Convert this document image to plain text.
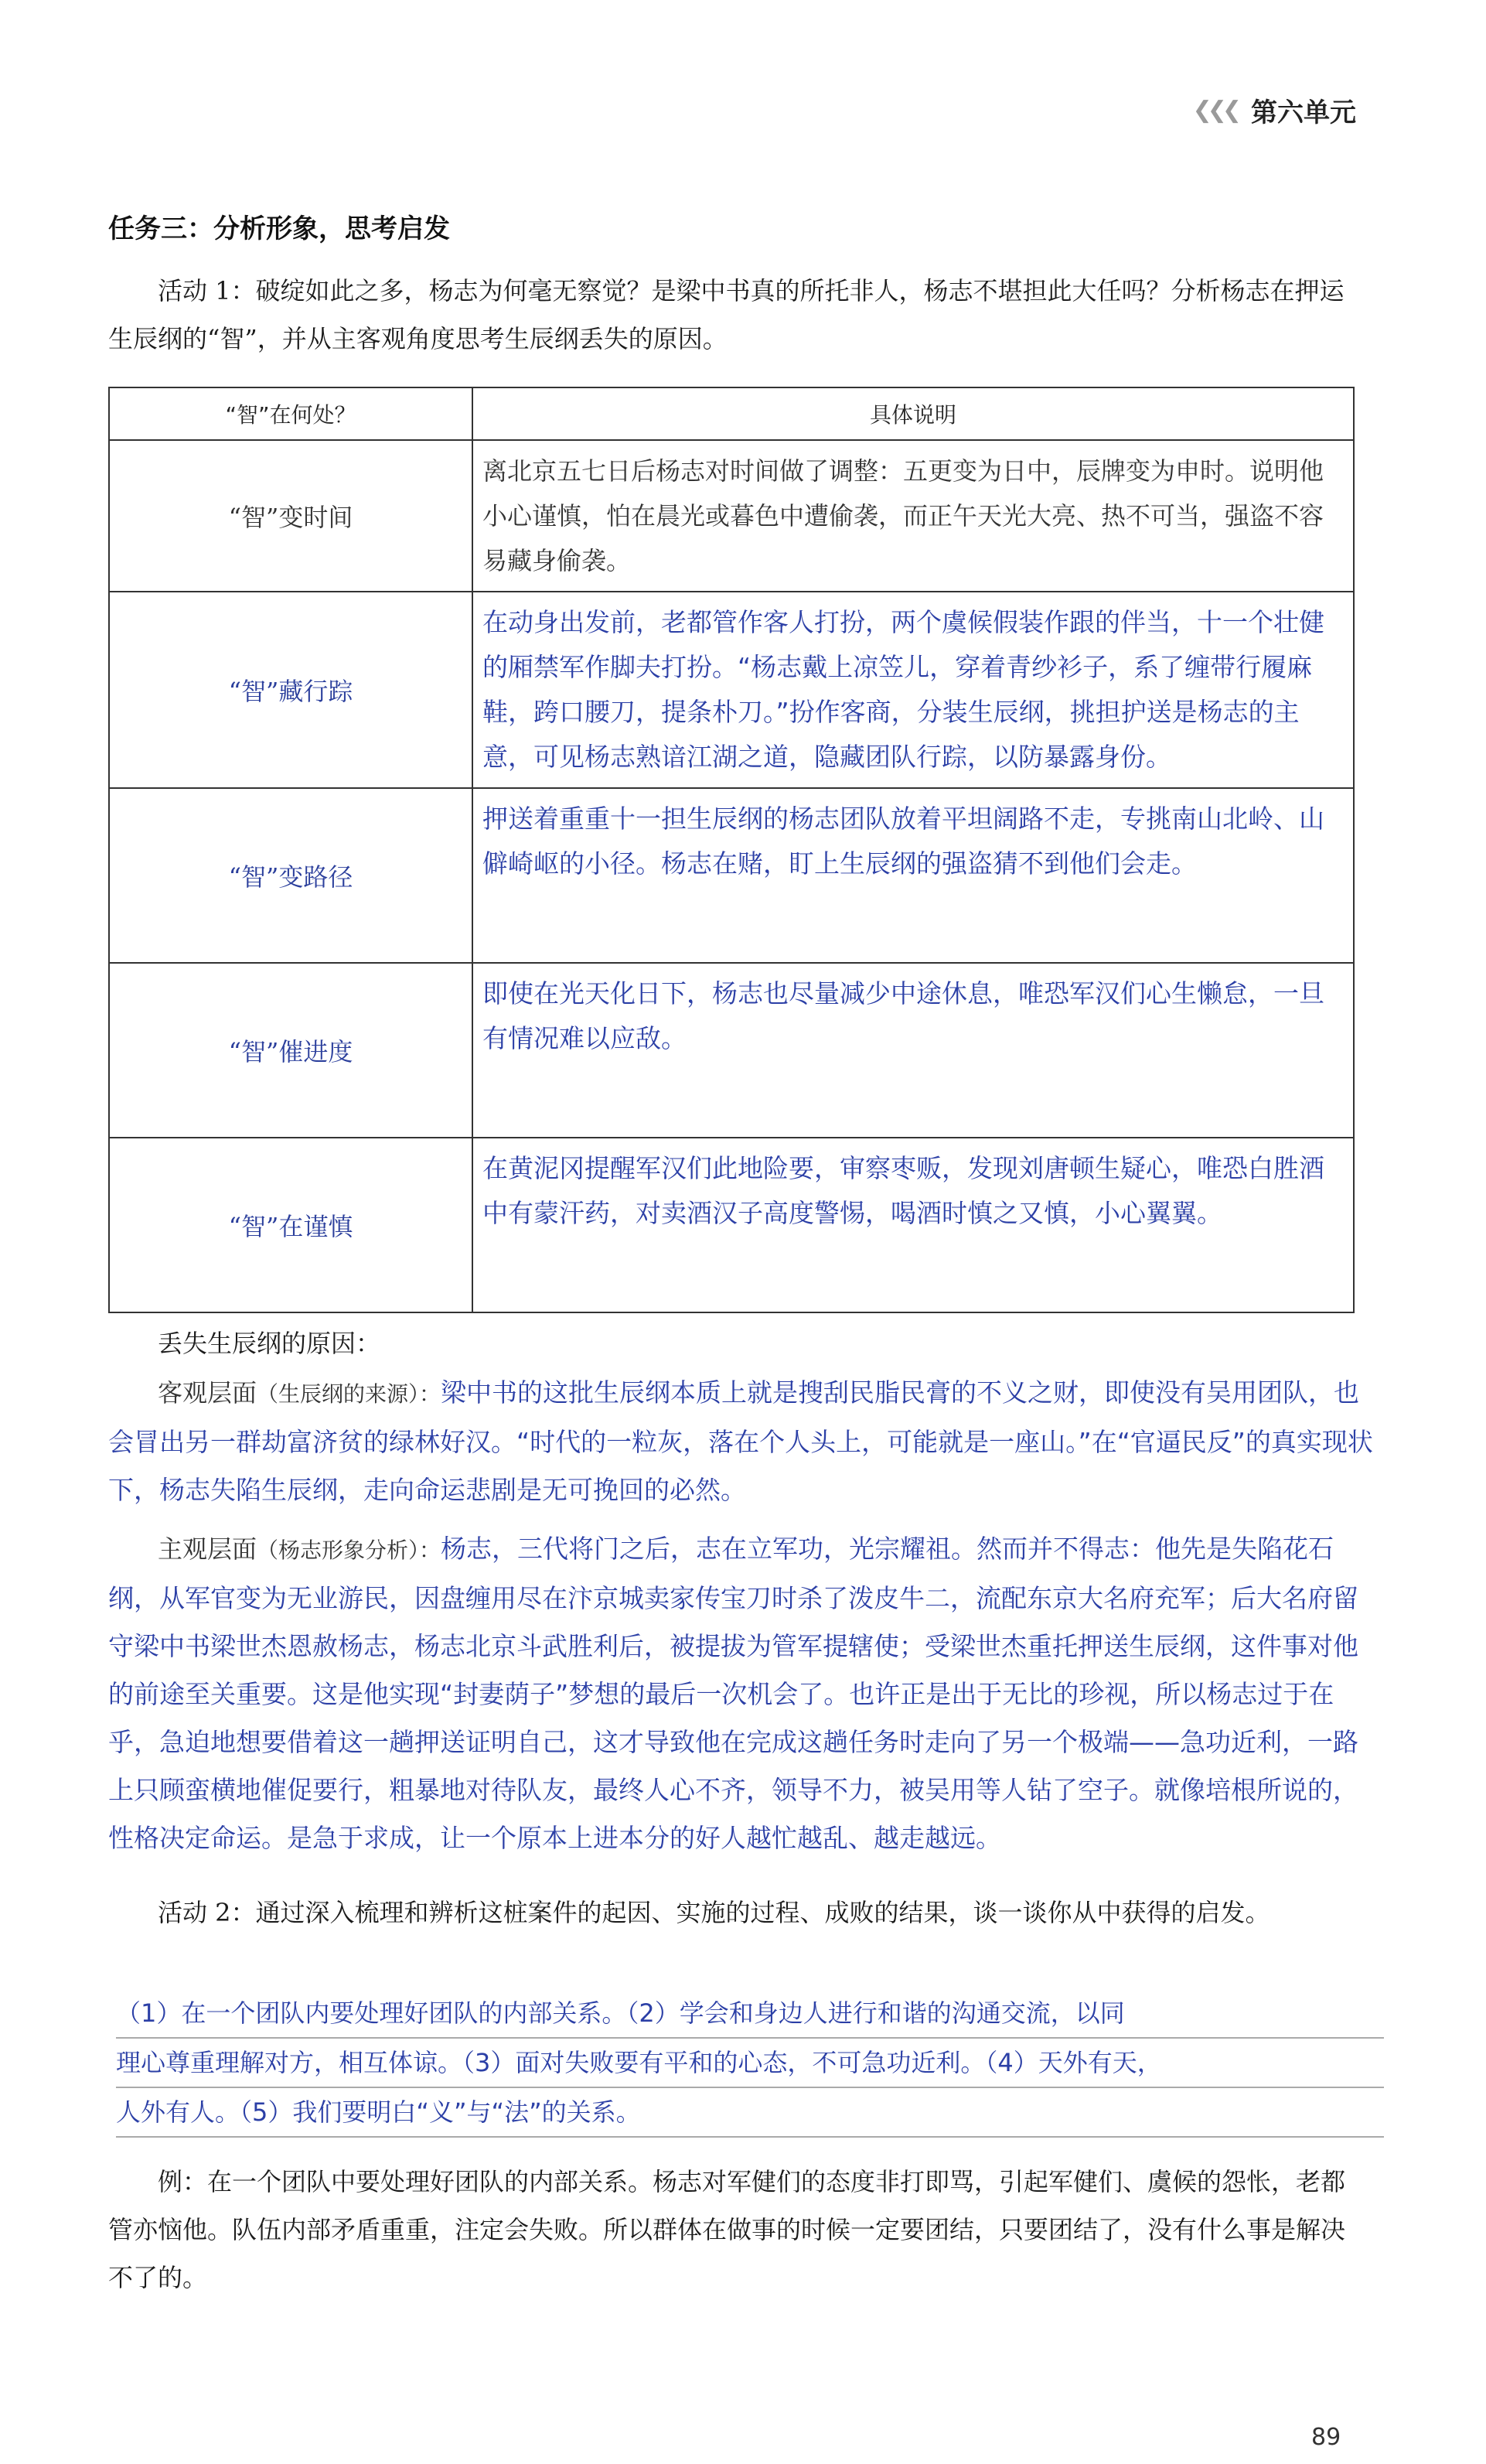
❮❮❮ 第六单元
任务三：分析形象，思考启发
活动 1：破绽如此之多，杨志为何毫无察觉？是梁中书真的所托非人，杨志不堪担此大任吗？分析杨志在押运生辰纲的“智”，并从主客观角度思考生辰纲丢失的原因。
“智”在何处？	具体说明
“智”变时间	离北京五七日后杨志对时间做了调整：五更变为日中，辰牌变为申时。说明他小心谨慎，怕在晨光或暮色中遭偷袭，而正午天光大亮、热不可当，强盗不容易藏身偷袭。
“智”藏行踪	在动身出发前，老都管作客人打扮，两个虞候假装作跟的伴当，十一个壮健的厢禁军作脚夫打扮。“杨志戴上凉笠儿，穿着青纱衫子，系了缠带行履麻鞋，跨口腰刀，提条朴刀。”扮作客商，分装生辰纲，挑担护送是杨志的主意，可见杨志熟谙江湖之道，隐藏团队行踪，以防暴露身份。
“智”变路径	押送着重重十一担生辰纲的杨志团队放着平坦阔路不走，专挑南山北岭、山僻崎岖的小径。杨志在赌，盯上生辰纲的强盗猜不到他们会走。
“智”催进度	即使在光天化日下，杨志也尽量减少中途休息，唯恐军汉们心生懒怠，一旦有情况难以应敌。
“智”在谨慎	在黄泥冈提醒军汉们此地险要，审察枣贩，发现刘唐顿生疑心，唯恐白胜酒中有蒙汗药，对卖酒汉子高度警惕，喝酒时慎之又慎，小心翼翼。
丢失生辰纲的原因：
客观层面（生辰纲的来源）：梁中书的这批生辰纲本质上就是搜刮民脂民膏的不义之财，即使没有吴用团队，也会冒出另一群劫富济贫的绿林好汉。“时代的一粒灰，落在个人头上，可能就是一座山。”在“官逼民反”的真实现状下，杨志失陷生辰纲，走向命运悲剧是无可挽回的必然。
主观层面（杨志形象分析）：杨志，三代将门之后，志在立军功，光宗耀祖。然而并不得志：他先是失陷花石纲，从军官变为无业游民，因盘缠用尽在汴京城卖家传宝刀时杀了泼皮牛二，流配东京大名府充军；后大名府留守梁中书梁世杰恩赦杨志，杨志北京斗武胜利后，被提拔为管军提辖使；受梁世杰重托押送生辰纲，这件事对他的前途至关重要。这是他实现“封妻荫子”梦想的最后一次机会了。也许正是出于无比的珍视，所以杨志过于在乎，急迫地想要借着这一趟押送证明自己，这才导致他在完成这趟任务时走向了另一个极端——急功近利，一路上只顾蛮横地催促要行，粗暴地对待队友，最终人心不齐，领导不力，被吴用等人钻了空子。就像培根所说的，性格决定命运。是急于求成，让一个原本上进本分的好人越忙越乱、越走越远。
活动 2：通过深入梳理和辨析这桩案件的起因、实施的过程、成败的结果，谈一谈你从中获得的启发。
（1）在一个团队内要处理好团队的内部关系。（2）学会和身边人进行和谐的沟通交流，以同
理心尊重理解对方，相互体谅。（3）面对失败要有平和的心态，不可急功近利。（4）天外有天，
人外有人。（5）我们要明白“义”与“法”的关系。
例：在一个团队中要处理好团队的内部关系。杨志对军健们的态度非打即骂，引起军健们、虞候的怨怅，老都管亦恼他。队伍内部矛盾重重，注定会失败。所以群体在做事的时候一定要团结，只要团结了，没有什么事是解决不了的。
89
